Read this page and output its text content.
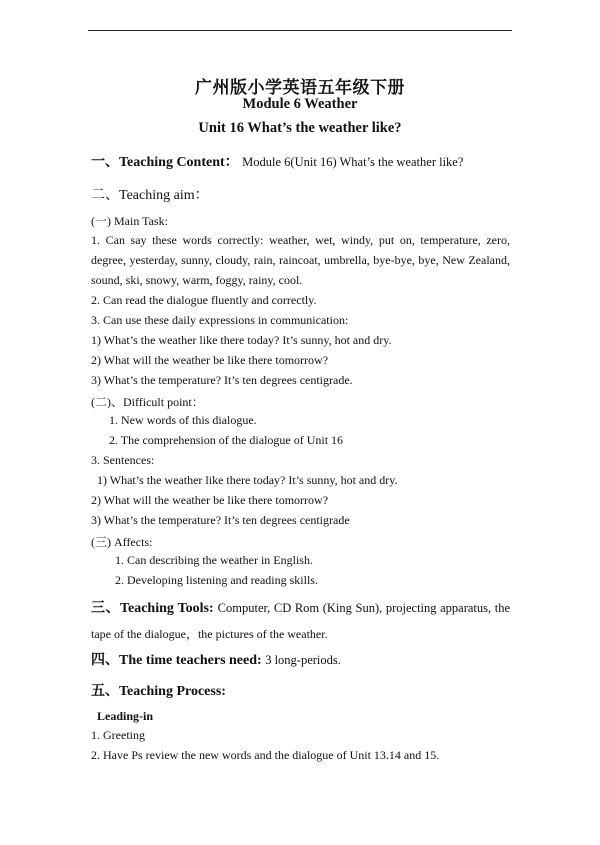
广州版小学英语五年级下册
Module 6 Weather
Unit 16 What’s the weather like?
一、Teaching Content： Module 6(Unit 16) What’s the weather like?
二、Teaching aim：
(一) Main Task:
1. Can say these words correctly: weather, wet, windy, put on, temperature, zero,
degree, yesterday, sunny, cloudy, rain, raincoat, umbrella, bye-bye, bye, New Zealand,
sound, ski, snowy, warm, foggy, rainy, cool.
2. Can read the dialogue fluently and correctly.
3. Can use these daily expressions in communication:
1) What’s the weather like there today? It’s sunny, hot and dry.
2) What will the weather be like there tomorrow?
3) What’s the temperature? It’s ten degrees centigrade.
(二)、Difficult point：
1. New words of this dialogue.
2. The comprehension of the dialogue of Unit 16
3. Sentences:
1) What’s the weather like there today? It’s sunny, hot and dry.
2) What will the weather be like there tomorrow?
3) What’s the temperature? It’s ten degrees centigrade
(三) Affects:
1. Can describing the weather in English.
2. Developing listening and reading skills.
三、Teaching Tools: Computer, CD Rom (King Sun), projecting apparatus, the
tape of the dialogue，the pictures of the weather.
四、The time teachers need: 3 long-periods.
五、Teaching Process:
Leading-in
1. Greeting
2. Have Ps review the new words and the dialogue of Unit 13.14 and 15.
